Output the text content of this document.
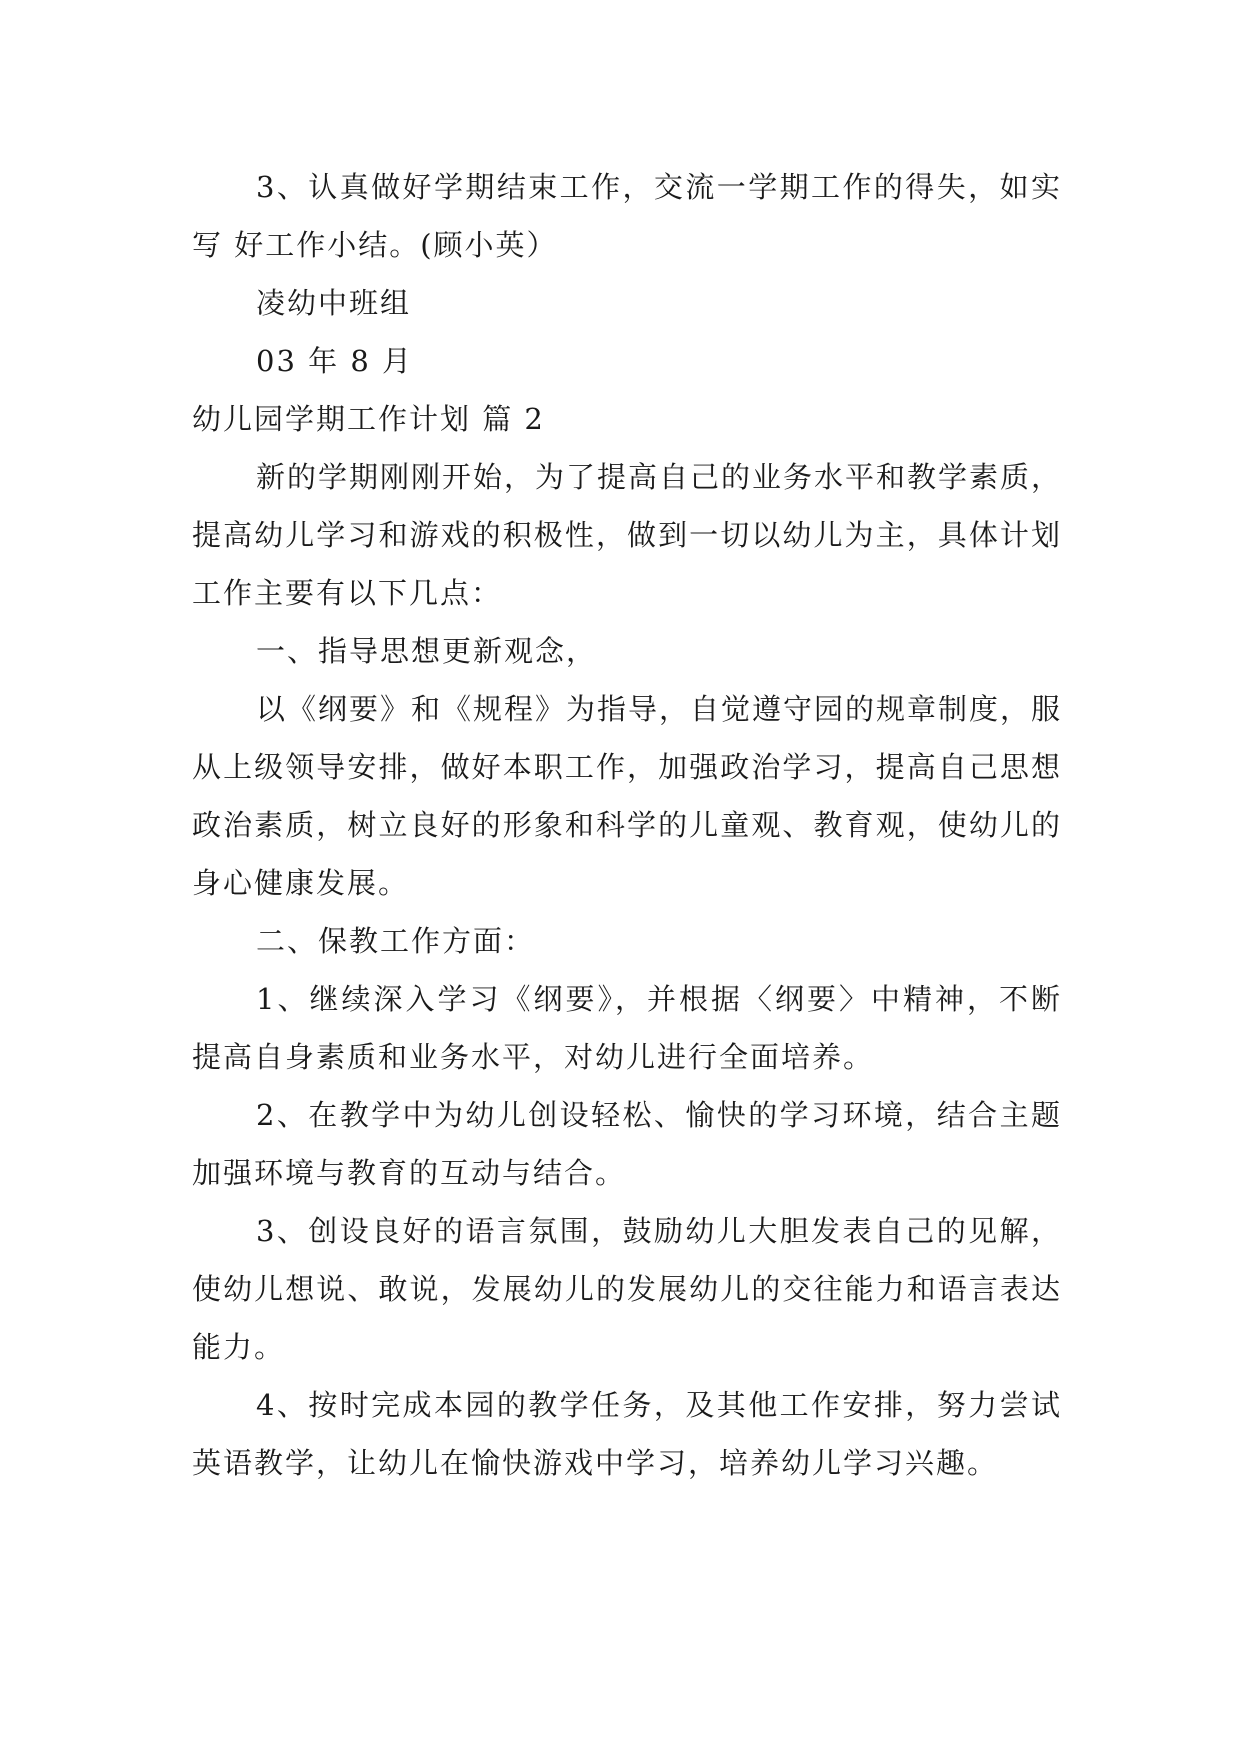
3、认真做好学期结束工作，交流一学期工作的得失，如实写 好工作小结。(顾小英）

凌幼中班组

03 年 8 月

幼儿园学期工作计划 篇 2

新的学期刚刚开始，为了提高自己的业务水平和教学素质，提高幼儿学习和游戏的积极性，做到一切以幼儿为主，具体计划工作主要有以下几点：

一、指导思想更新观念，

以《纲要》和《规程》为指导，自觉遵守园的规章制度，服从上级领导安排，做好本职工作，加强政治学习，提高自己思想政治素质，树立良好的形象和科学的儿童观、教育观，使幼儿的身心健康发展。

二、保教工作方面：

1、继续深入学习《纲要》，并根据〈纲要〉中精神，不断提高自身素质和业务水平，对幼儿进行全面培养。

2、在教学中为幼儿创设轻松、愉快的学习环境，结合主题加强环境与教育的互动与结合。

3、创设良好的语言氛围，鼓励幼儿大胆发表自己的见解，使幼儿想说、敢说，发展幼儿的发展幼儿的交往能力和语言表达能力。

4、按时完成本园的教学任务，及其他工作安排，努力尝试英语教学，让幼儿在愉快游戏中学习，培养幼儿学习兴趣。
